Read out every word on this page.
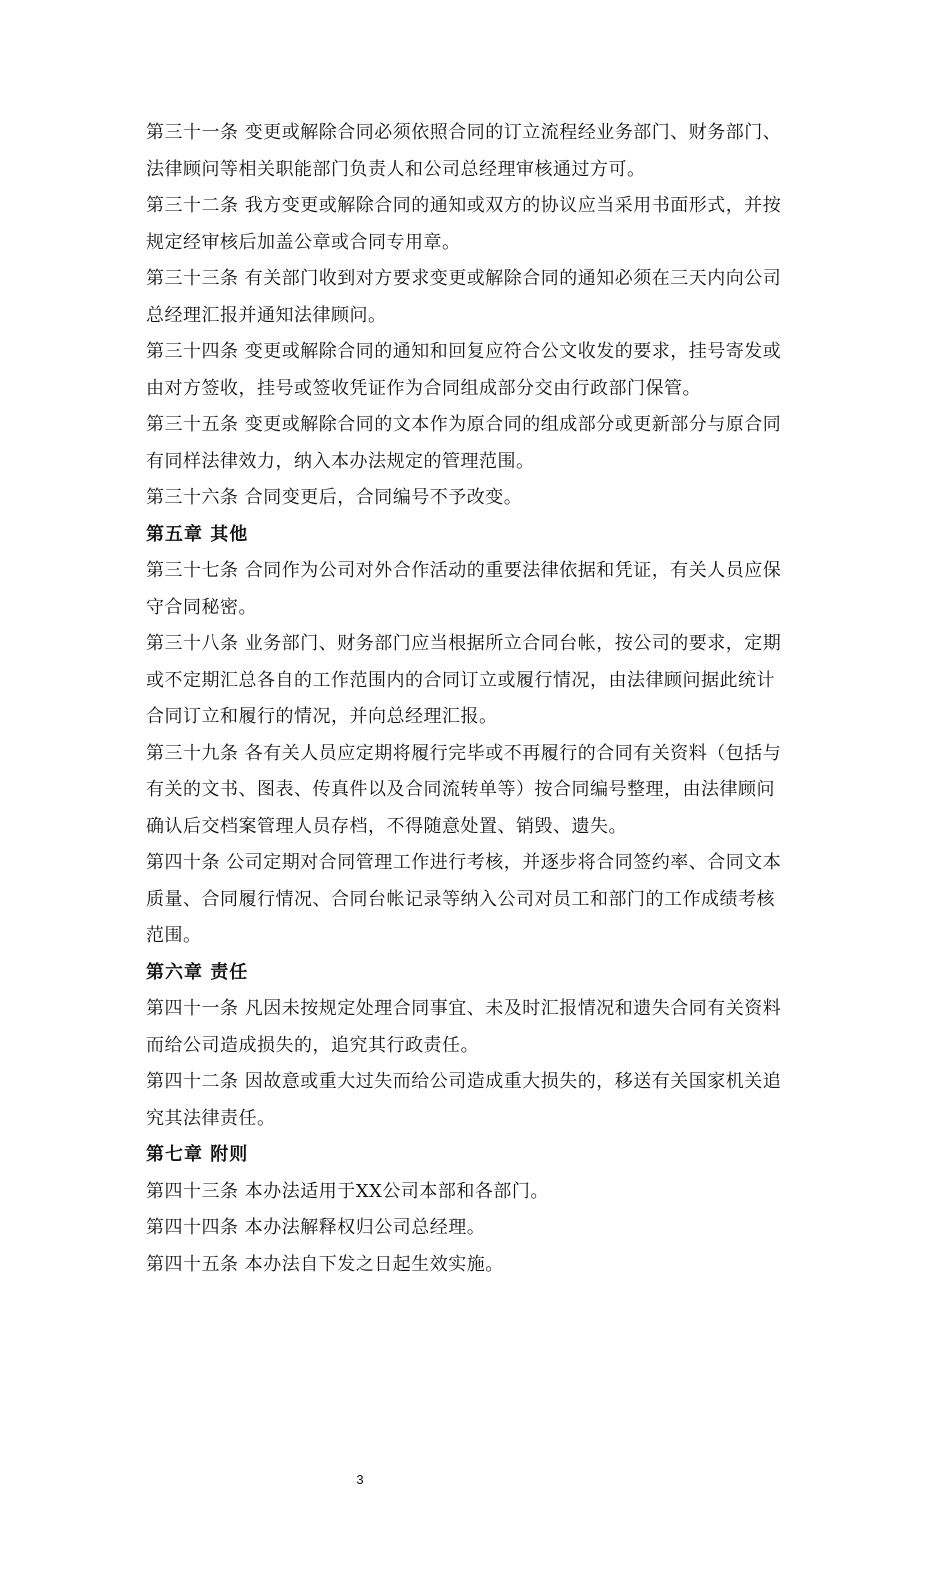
第三十一条 变更或解除合同必须依照合同的订立流程经业务部门、财务部门、
法律顾问等相关职能部门负责人和公司总经理审核通过方可。
第三十二条 我方变更或解除合同的通知或双方的协议应当采用书面形式，并按
规定经审核后加盖公章或合同专用章。
第三十三条 有关部门收到对方要求变更或解除合同的通知必须在三天内向公司
总经理汇报并通知法律顾问。
第三十四条 变更或解除合同的通知和回复应符合公文收发的要求，挂号寄发或
由对方签收，挂号或签收凭证作为合同组成部分交由行政部门保管。
第三十五条 变更或解除合同的文本作为原合同的组成部分或更新部分与原合同
有同样法律效力，纳入本办法规定的管理范围。
第三十六条 合同变更后，合同编号不予改变。
第五章 其他
第三十七条 合同作为公司对外合作活动的重要法律依据和凭证，有关人员应保
守合同秘密。
第三十八条 业务部门、财务部门应当根据所立合同台帐，按公司的要求，定期
或不定期汇总各自的工作范围内的合同订立或履行情况，由法律顾问据此统计
合同订立和履行的情况，并向总经理汇报。
第三十九条 各有关人员应定期将履行完毕或不再履行的合同有关资料（包括与
有关的文书、图表、传真件以及合同流转单等）按合同编号整理，由法律顾问
确认后交档案管理人员存档，不得随意处置、销毁、遗失。
第四十条 公司定期对合同管理工作进行考核，并逐步将合同签约率、合同文本
质量、合同履行情况、合同台帐记录等纳入公司对员工和部门的工作成绩考核
范围。
第六章 责任
第四十一条 凡因未按规定处理合同事宜、未及时汇报情况和遗失合同有关资料
而给公司造成损失的，追究其行政责任。
第四十二条 因故意或重大过失而给公司造成重大损失的，移送有关国家机关追
究其法律责任。
第七章 附则
第四十三条 本办法适用于XX公司本部和各部门。
第四十四条 本办法解释权归公司总经理。
第四十五条 本办法自下发之日起生效实施。
3
